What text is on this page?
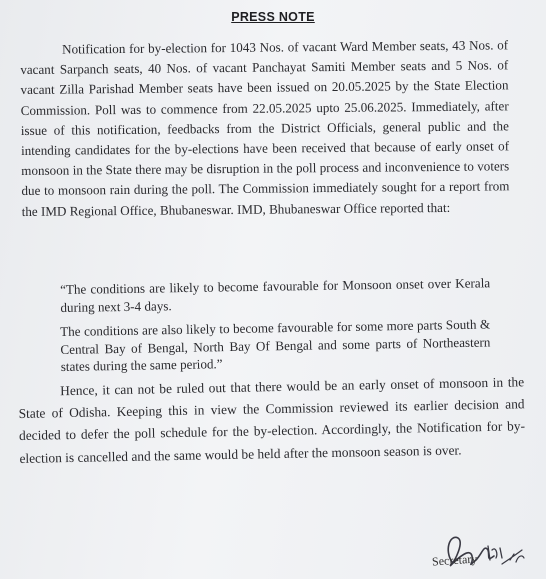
PRESS NOTE

Notification for by-election for 1043 Nos. of vacant Ward Member seats, 43 Nos. of vacant Sarpanch seats, 40 Nos. of vacant Panchayat Samiti Member seats and 5 Nos. of vacant Zilla Parishad Member seats have been issued on 20.05.2025 by the State Election Commission. Poll was to commence from 22.05.2025 upto 25.06.2025. Immediately, after issue of this notification, feedbacks from the District Officials, general public and the intending candidates for the by-elections have been received that because of early onset of monsoon in the State there may be disruption in the poll process and inconvenience to voters due to monsoon rain during the poll. The Commission immediately sought for a report from the IMD Regional Office, Bhubaneswar. IMD, Bhubaneswar Office reported that:

“The conditions are likely to become favourable for Monsoon onset over Kerala during next 3-4 days.

The conditions are also likely to become favourable for some more parts South & Central Bay of Bengal, North Bay Of Bengal and some parts of Northeastern states during the same period.”

Hence, it can not be ruled out that there would be an early onset of monsoon in the State of Odisha. Keeping this in view the Commission reviewed its earlier decision and decided to defer the poll schedule for the by-election. Accordingly, the Notification for by-election is cancelled and the same would be held after the monsoon season is over.

Secretary
